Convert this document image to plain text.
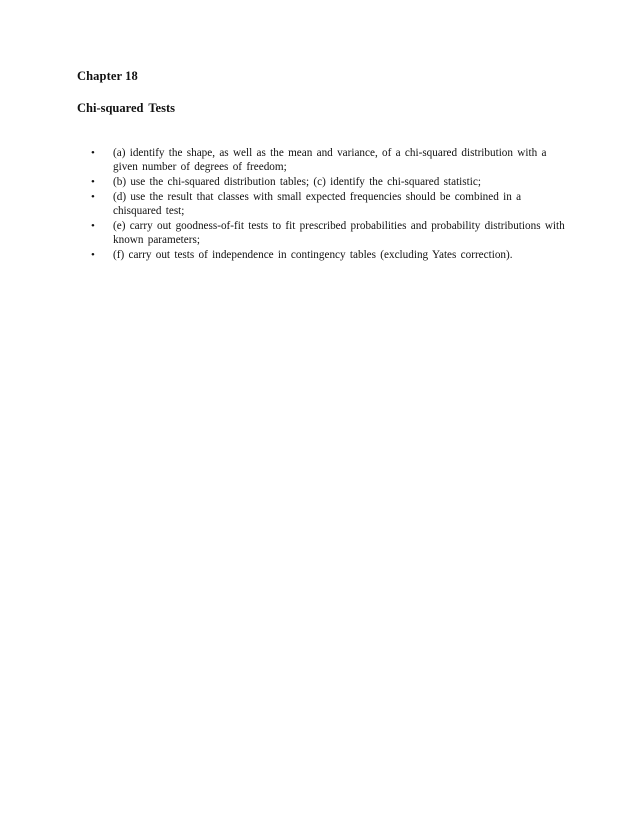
Chapter 18
Chi-squared Tests
• (a) identify the shape, as well as the mean and variance, of a chi-squared distribution with a given number of degrees of freedom;
• (b) use the chi-squared distribution tables; (c) identify the chi-squared statistic;
• (d) use the result that classes with small expected frequencies should be combined in a chisquared test;
• (e) carry out goodness-of-fit tests to fit prescribed probabilities and probability distributions with known parameters;
• (f) carry out tests of independence in contingency tables (excluding Yates correction).
